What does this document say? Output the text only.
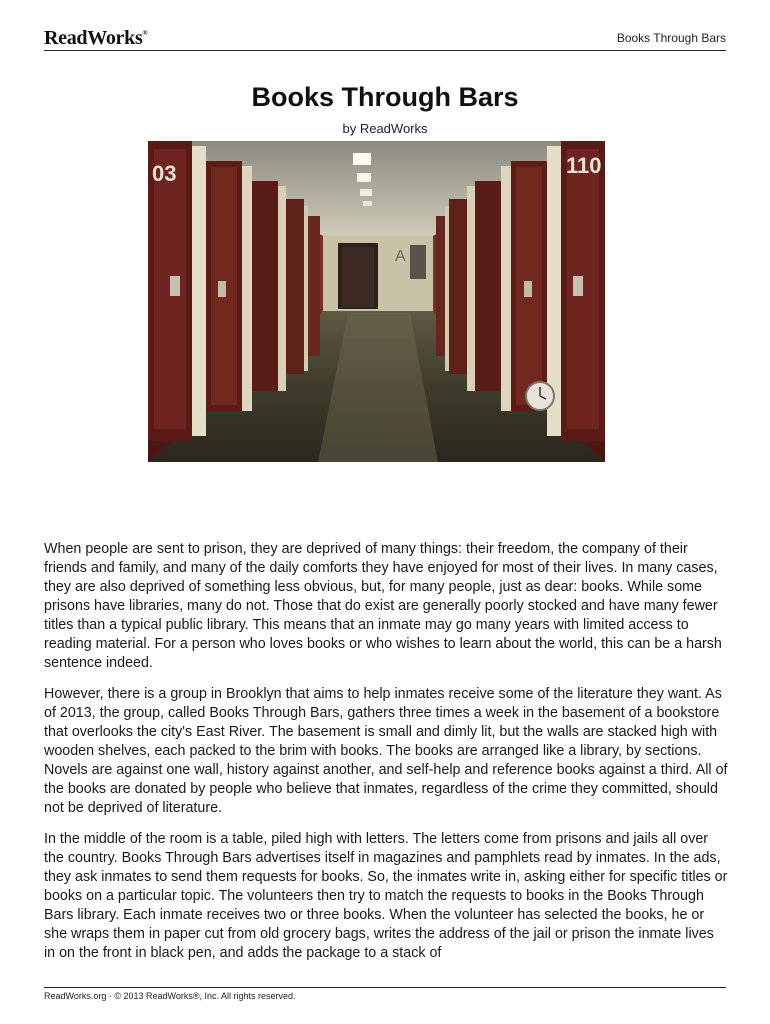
ReadWorks®	Books Through Bars
Books Through Bars
by ReadWorks
A
03	110

When people are sent to prison, they are deprived of many things: their freedom, the company of their friends and family, and many of the daily comforts they have enjoyed for most of their lives. In many cases, they are also deprived of something less obvious, but, for many people, just as dear: books. While some prisons have libraries, many do not. Those that do exist are generally poorly stocked and have many fewer titles than a typical public library. This means that an inmate may go many years with limited access to reading material. For a person who loves books or who wishes to learn about the world, this can be a harsh sentence indeed.

However, there is a group in Brooklyn that aims to help inmates receive some of the literature they want. As of 2013, the group, called Books Through Bars, gathers three times a week in the basement of a bookstore that overlooks the city's East River. The basement is small and dimly lit, but the walls are stacked high with wooden shelves, each packed to the brim with books. The books are arranged like a library, by sections. Novels are against one wall, history against another, and self-help and reference books against a third. All of the books are donated by people who believe that inmates, regardless of the crime they committed, should not be deprived of literature.

In the middle of the room is a table, piled high with letters. The letters come from prisons and jails all over the country. Books Through Bars advertises itself in magazines and pamphlets read by inmates. In the ads, they ask inmates to send them requests for books. So, the inmates write in, asking either for specific titles or books on a particular topic. The volunteers then try to match the requests to books in the Books Through Bars library. Each inmate receives two or three books. When the volunteer has selected the books, he or she wraps them in paper cut from old grocery bags, writes the address of the jail or prison the inmate lives in on the front in black pen, and adds the package to a stack of

ReadWorks.org · © 2013 ReadWorks®, Inc. All rights reserved.
